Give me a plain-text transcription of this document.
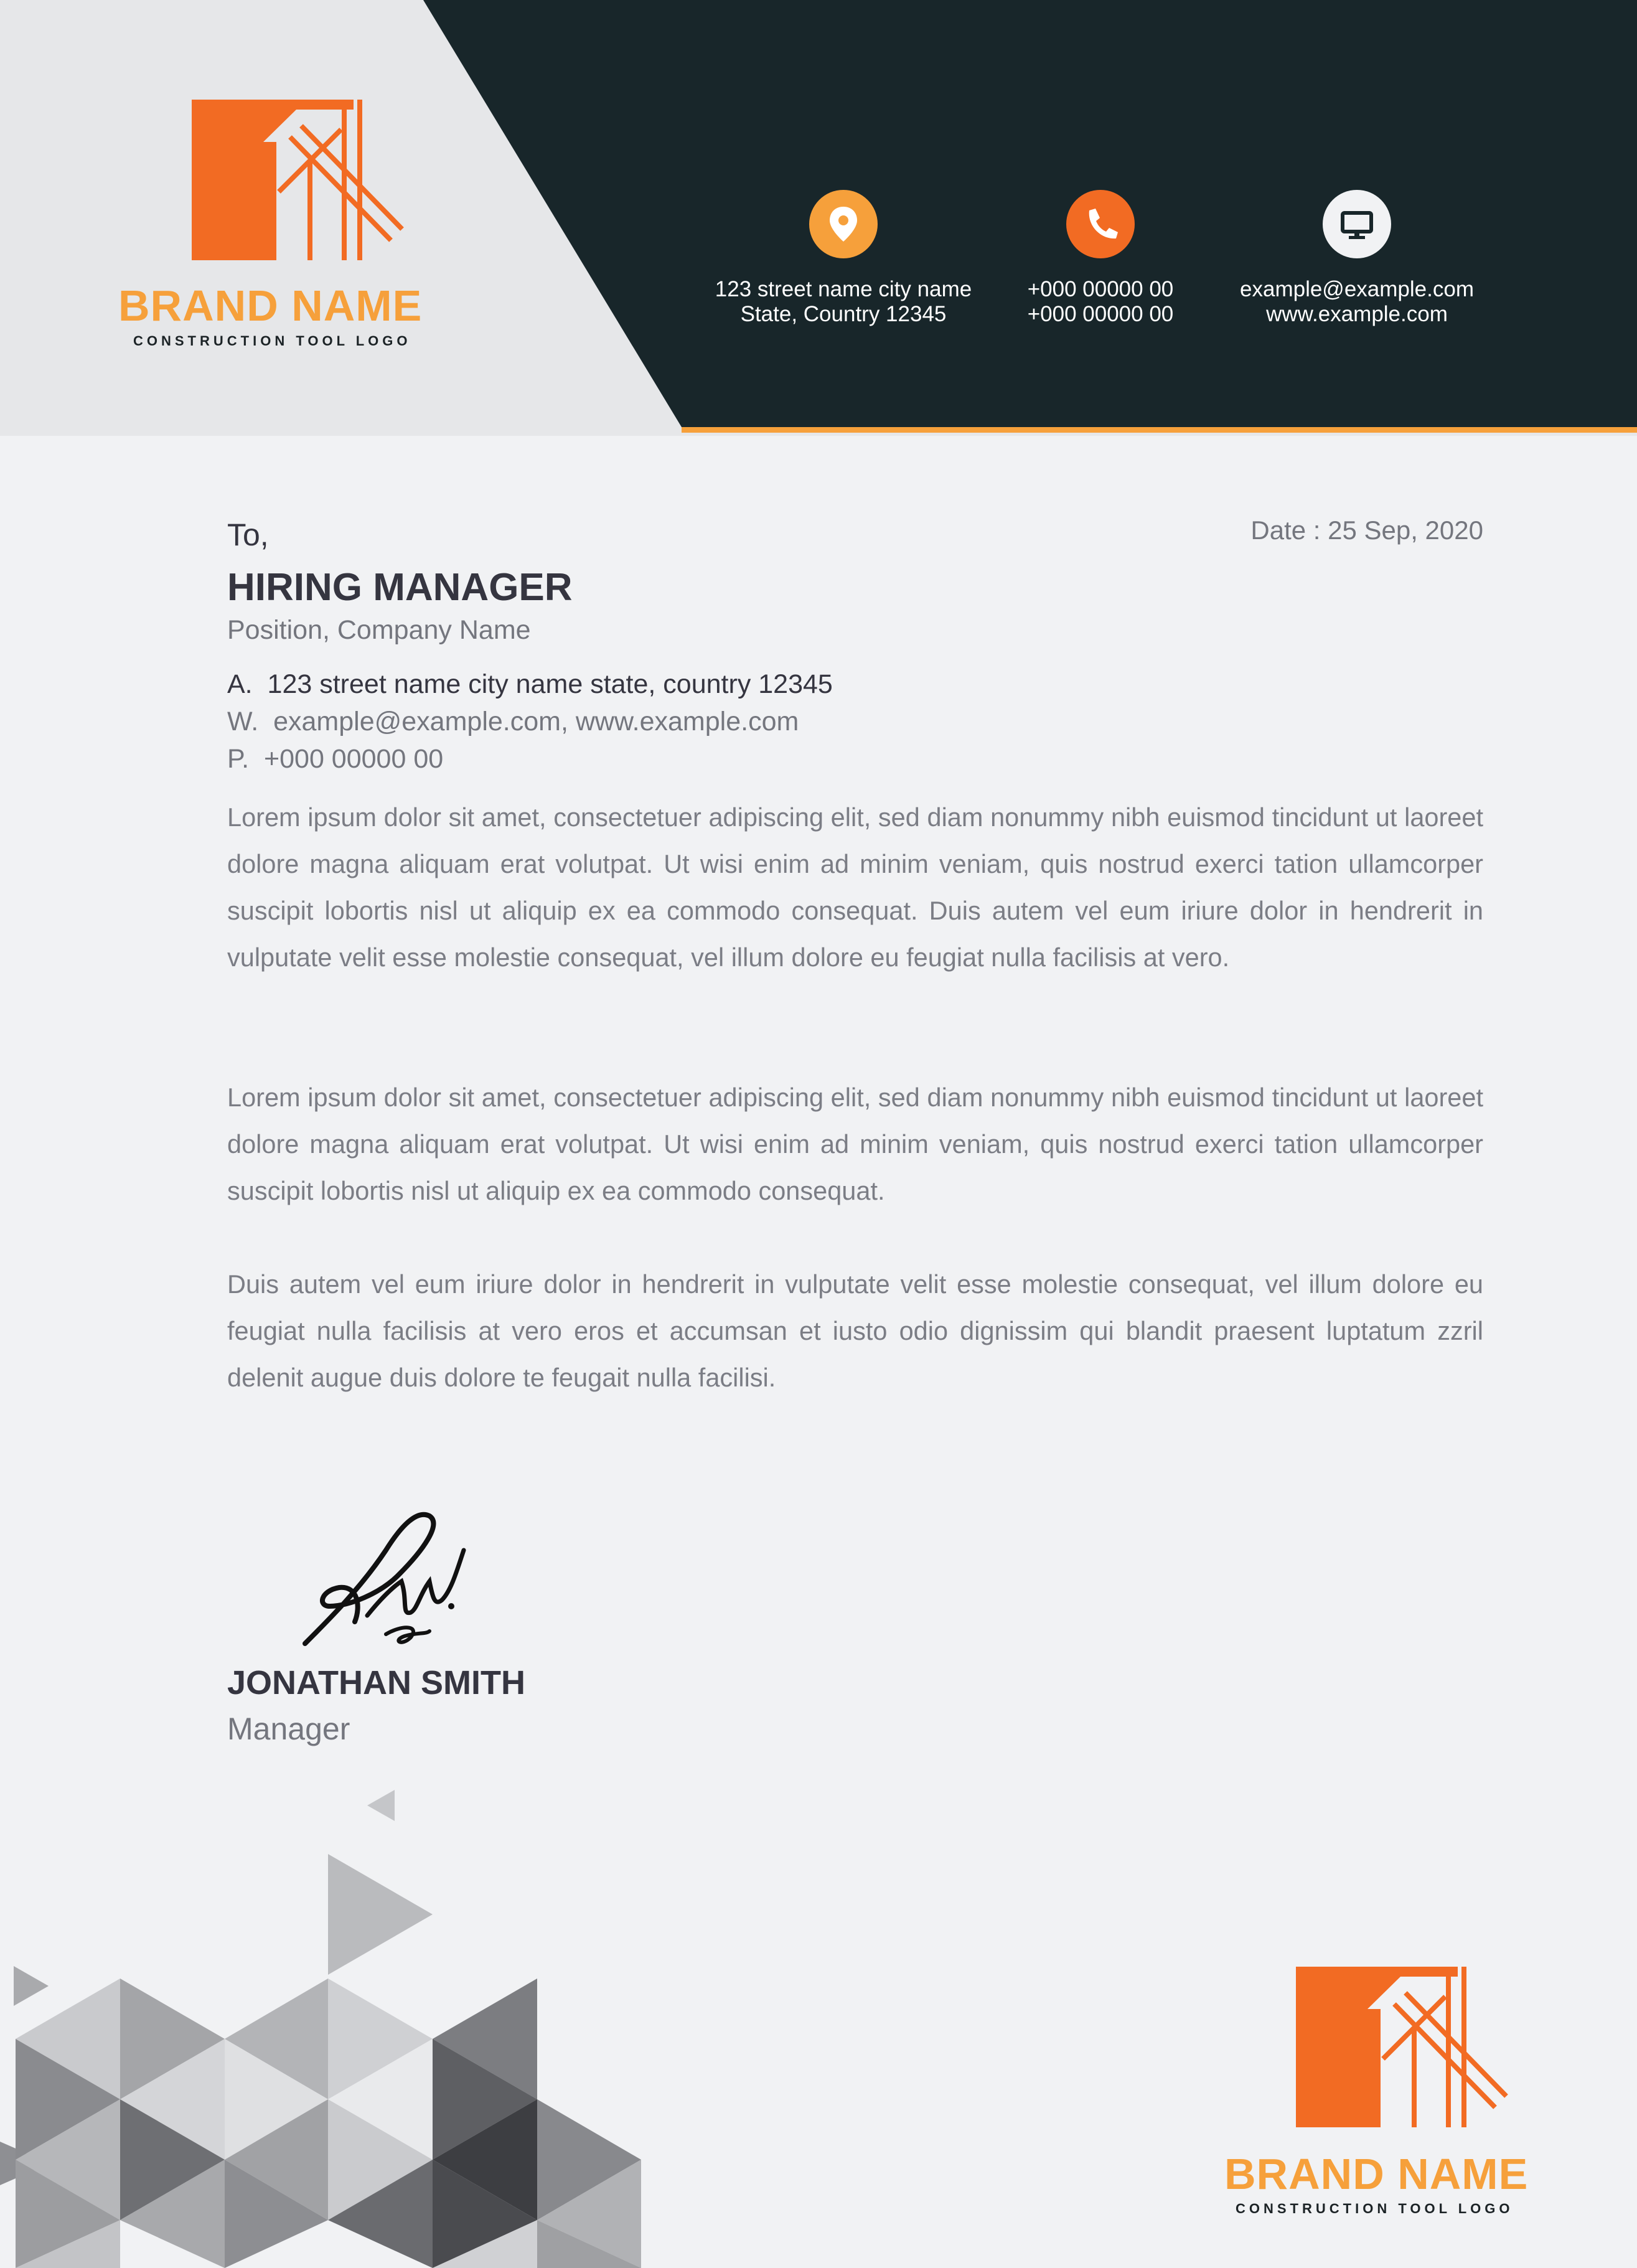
BRAND NAME
CONSTRUCTION TOOL LOGO
123 street name city name
State, Country 12345
+000 00000 00
+000 00000 00
example@example.com
www.example.com
To,	Date : 25 Sep, 2020
HIRING MANAGER
Position, Company Name
A. 123 street name city name state, country 12345
W. example@example.com, www.example.com
P. +000 00000 00
Lorem ipsum dolor sit amet, consectetuer adipiscing elit, sed diam nonummy nibh euismod tincidunt ut laoreet dolore magna aliquam erat volutpat. Ut wisi enim ad minim veniam, quis nostrud exerci tation ullamcorper suscipit lobortis nisl ut aliquip ex ea commodo consequat. Duis autem vel eum iriure dolor in hendrerit in vulputate velit esse molestie consequat, vel illum dolore eu feugiat nulla facilisis at vero.
Lorem ipsum dolor sit amet, consectetuer adipiscing elit, sed diam nonummy nibh euismod tincidunt ut laoreet dolore magna aliquam erat volutpat. Ut wisi enim ad minim veniam, quis nostrud exerci tation ullamcorper suscipit lobortis nisl ut aliquip ex ea commodo consequat.
Duis autem vel eum iriure dolor in hendrerit in vulputate velit esse molestie consequat, vel illum dolore eu feugiat nulla facilisis at vero eros et accumsan et iusto odio dignissim qui blandit praesent luptatum zzril delenit augue duis dolore te feugait nulla facilisi.
JONATHAN SMITH
Manager
BRAND NAME
CONSTRUCTION TOOL LOGO
